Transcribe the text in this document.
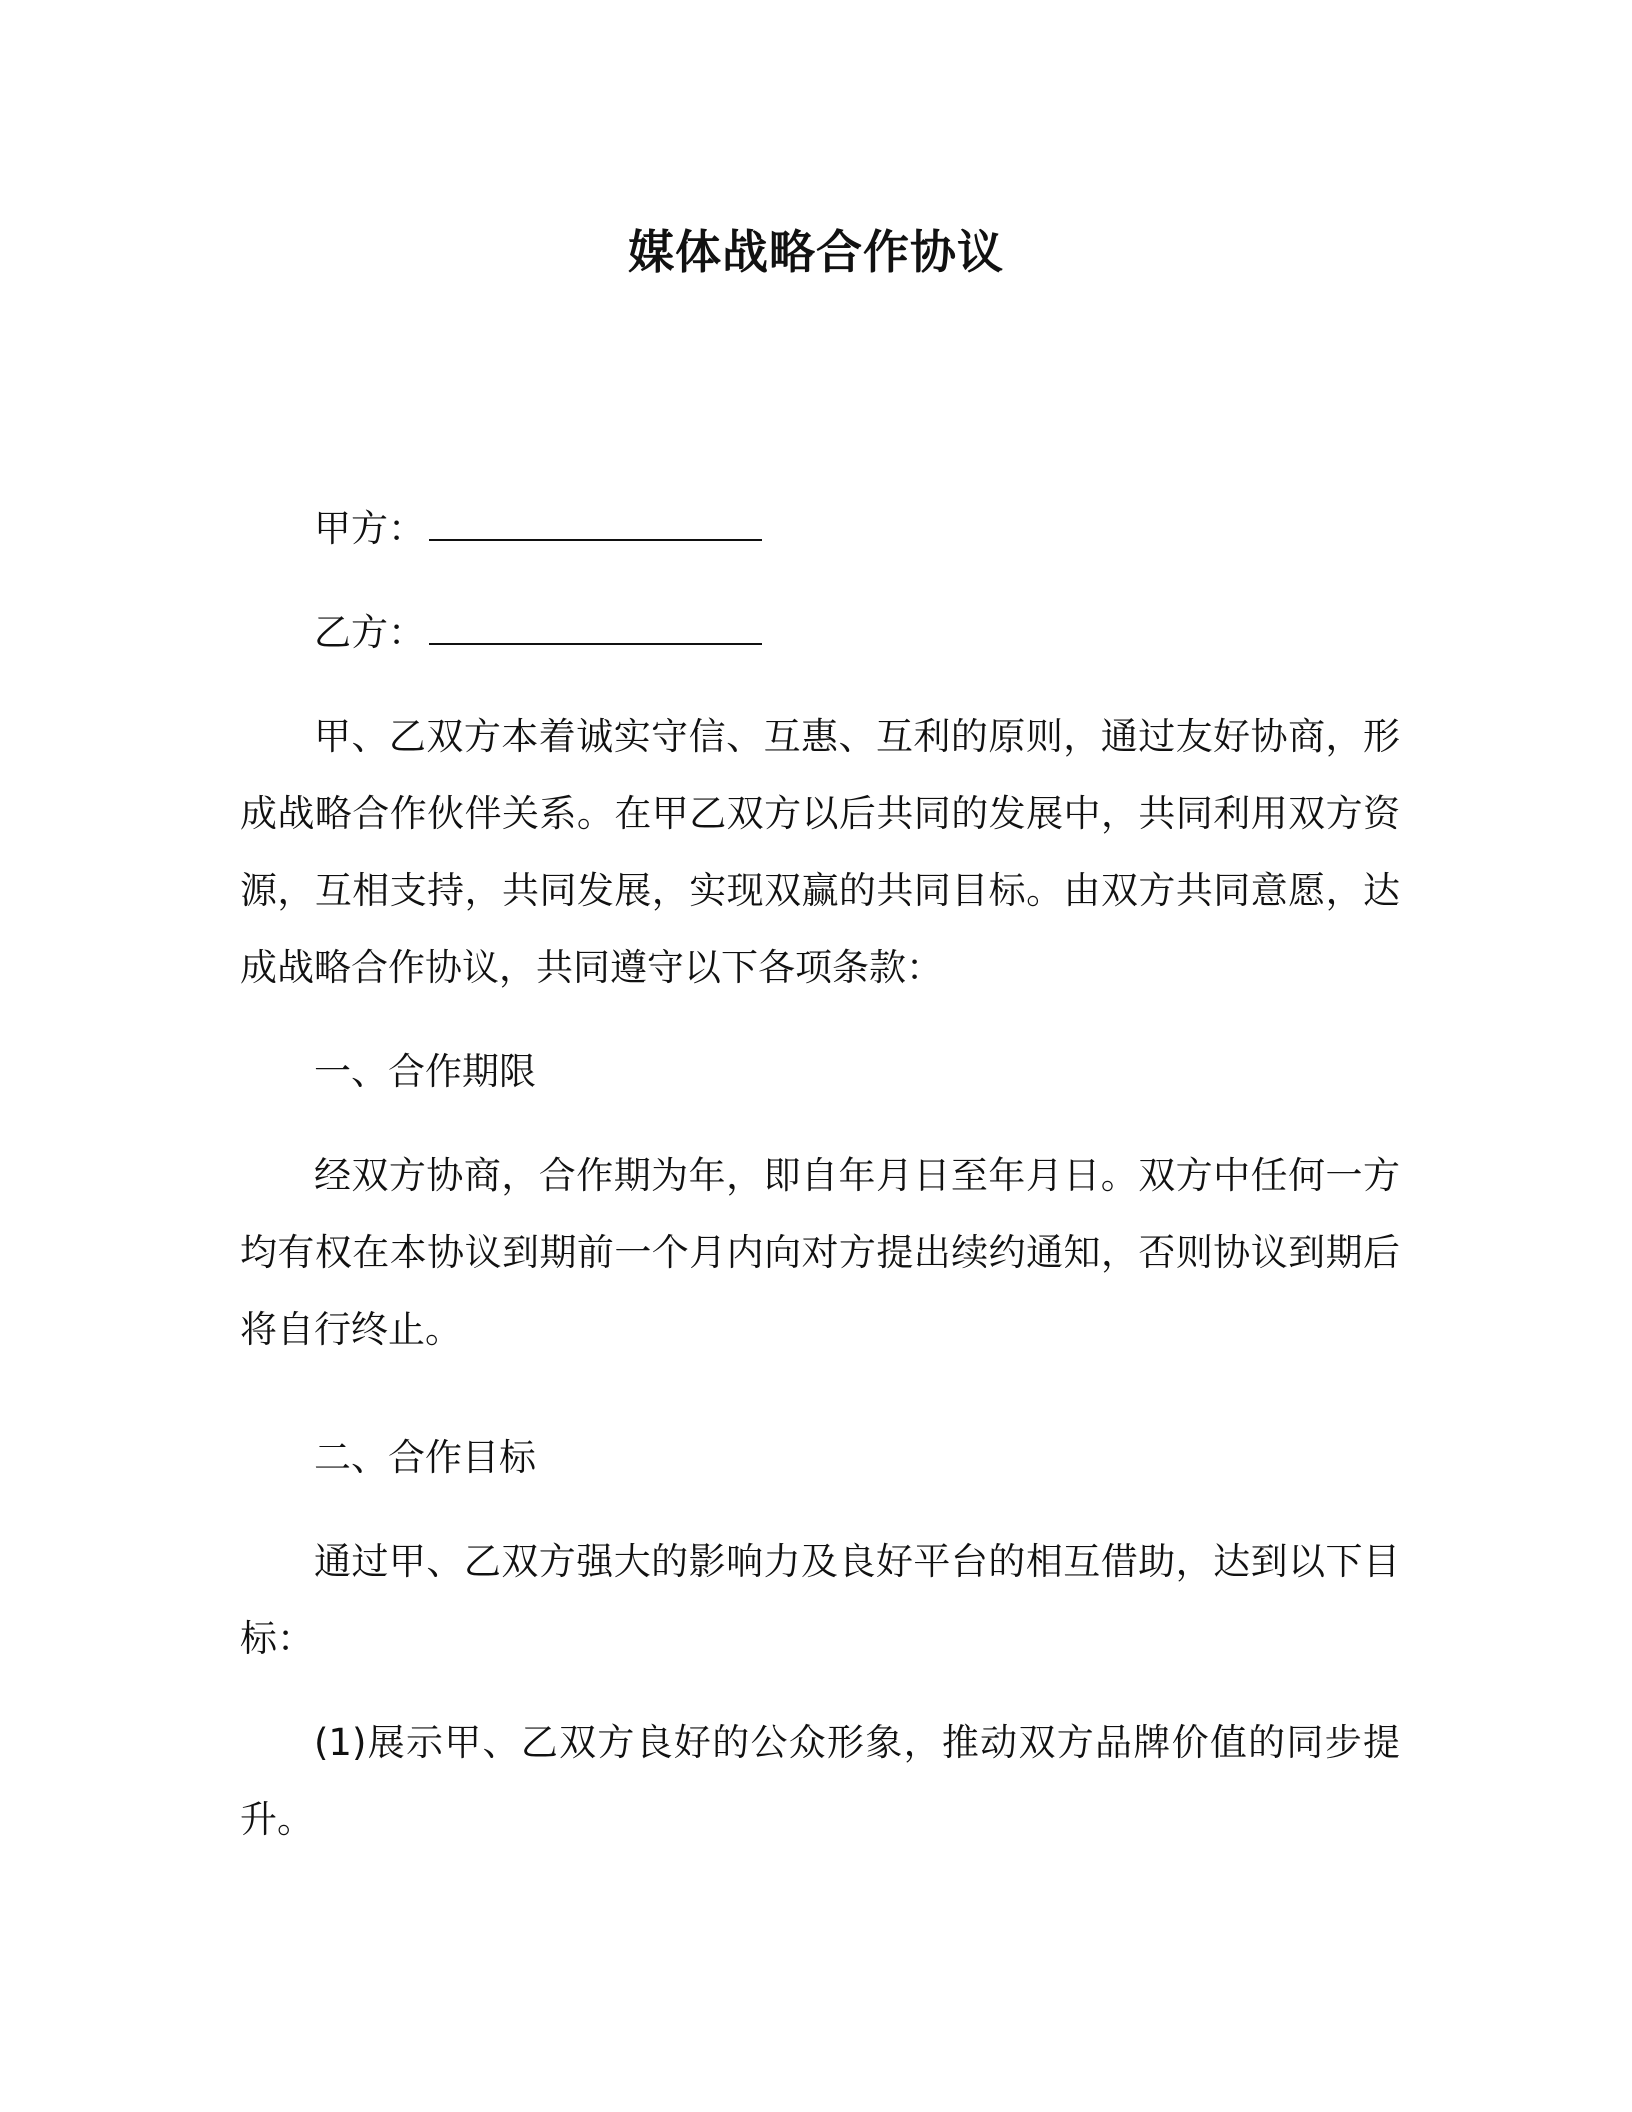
媒体战略合作协议

甲方：

乙方：

甲、乙双方本着诚实守信、互惠、互利的原则，通过友好协商，形成战略合作伙伴关系。在甲乙双方以后共同的发展中，共同利用双方资源，互相支持，共同发展，实现双赢的共同目标。由双方共同意愿，达成战略合作协议，共同遵守以下各项条款：

一、合作期限

经双方协商，合作期为年，即自年月日至年月日。双方中任何一方均有权在本协议到期前一个月内向对方提出续约通知，否则协议到期后将自行终止。

二、合作目标

通过甲、乙双方强大的影响力及良好平台的相互借助，达到以下目标：

(1)展示甲、乙双方良好的公众形象，推动双方品牌价值的同步提升。
